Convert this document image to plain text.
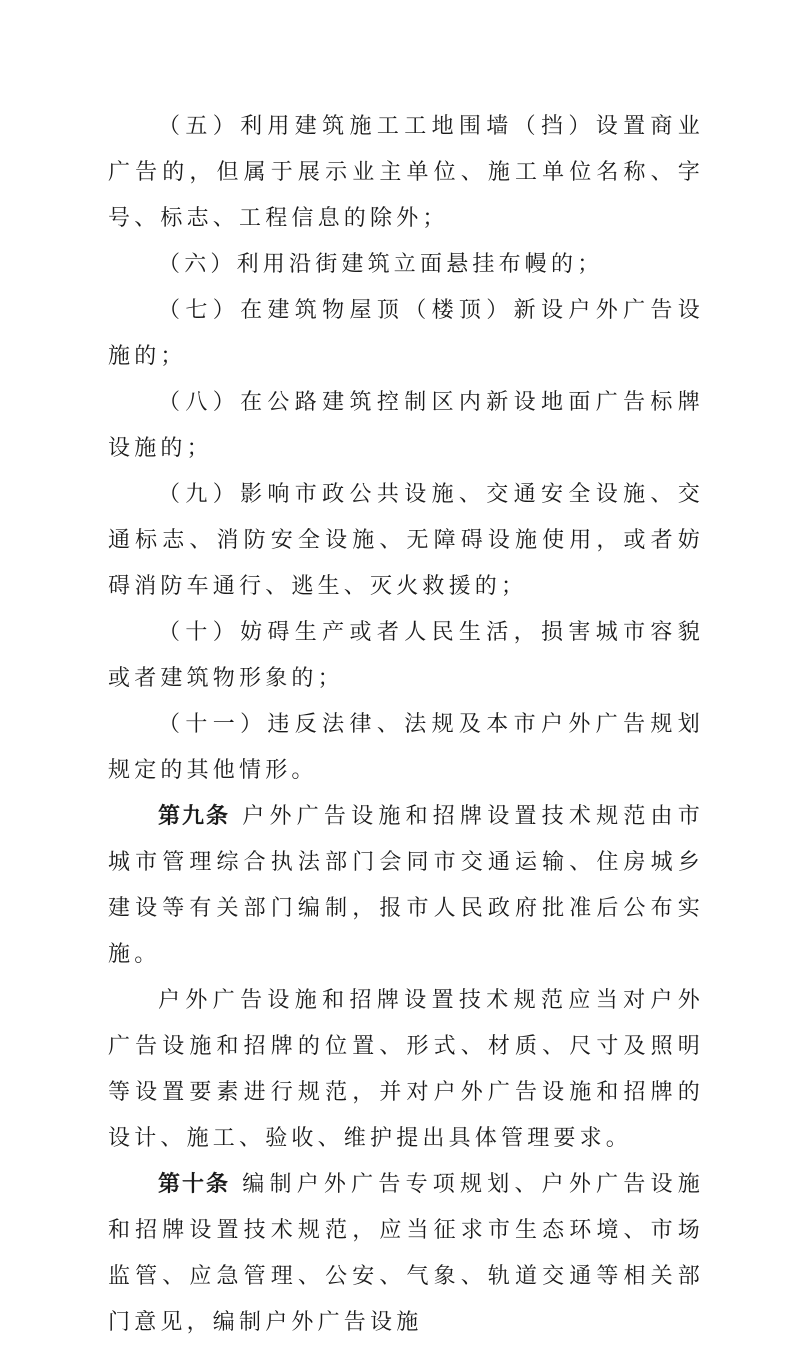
（五）利用建筑施工工地围墙（挡）设置商业广告的，但属于展示业主单位、施工单位名称、字号、标志、工程信息的除外；

（六）利用沿街建筑立面悬挂布幔的；

（七）在建筑物屋顶（楼顶）新设户外广告设施的；

（八）在公路建筑控制区内新设地面广告标牌设施的；

（九）影响市政公共设施、交通安全设施、交通标志、消防安全设施、无障碍设施使用，或者妨碍消防车通行、逃生、灭火救援的；

（十）妨碍生产或者人民生活，损害城市容貌或者建筑物形象的；

（十一）违反法律、法规及本市户外广告规划规定的其他情形。

第九条 户外广告设施和招牌设置技术规范由市城市管理综合执法部门会同市交通运输、住房城乡建设等有关部门编制，报市人民政府批准后公布实施。

户外广告设施和招牌设置技术规范应当对户外广告设施和招牌的位置、形式、材质、尺寸及照明等设置要素进行规范，并对户外广告设施和招牌的设计、施工、验收、维护提出具体管理要求。

第十条 编制户外广告专项规划、户外广告设施和招牌设置技术规范，应当征求市生态环境、市场监管、应急管理、公安、气象、轨道交通等相关部门意见，编制户外广告设施
